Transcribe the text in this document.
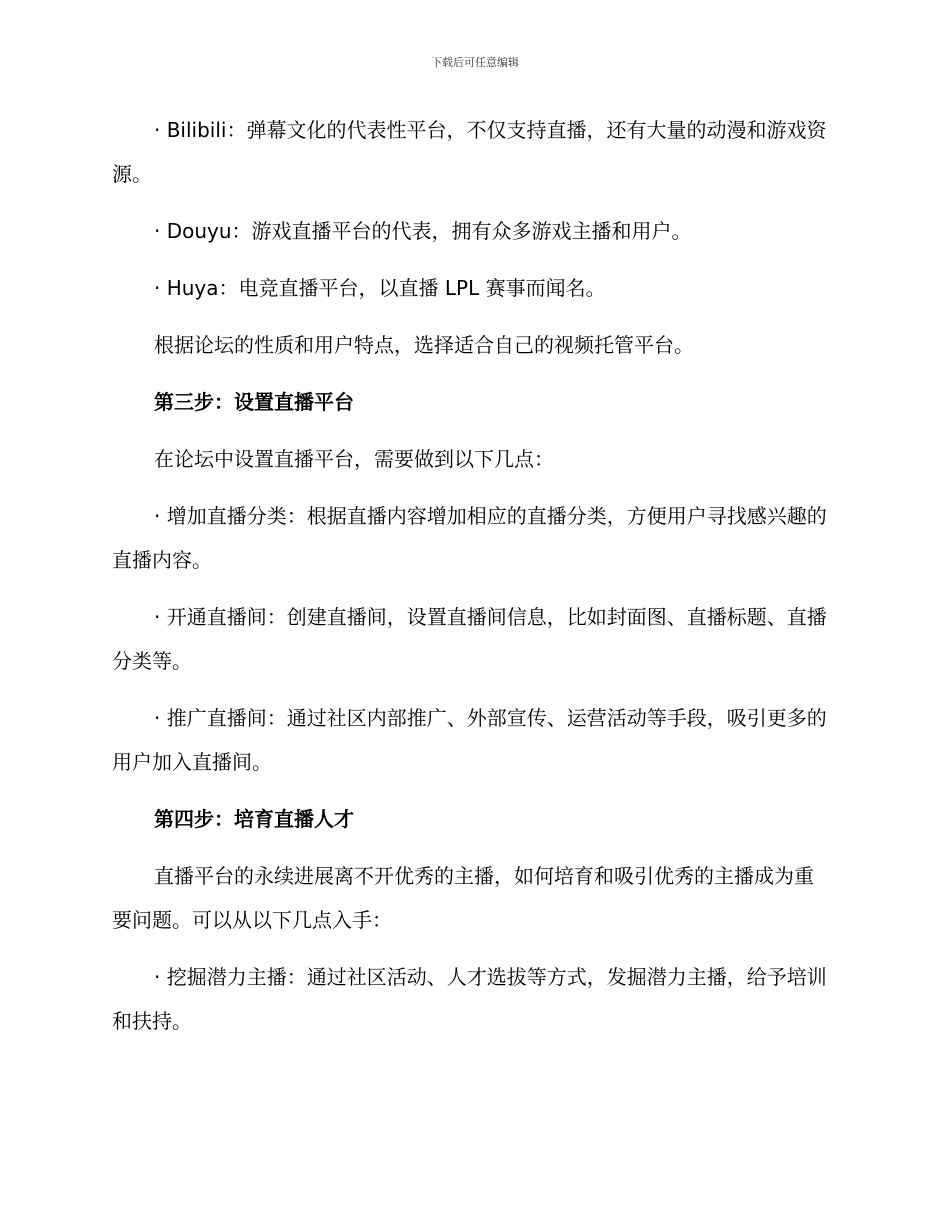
下载后可任意编辑

· Bilibili：弹幕文化的代表性平台，不仅支持直播，还有大量的动漫和游戏资源。

· Douyu：游戏直播平台的代表，拥有众多游戏主播和用户。

· Huya：电竞直播平台，以直播 LPL 赛事而闻名。

根据论坛的性质和用户特点，选择适合自己的视频托管平台。

第三步：设置直播平台

在论坛中设置直播平台，需要做到以下几点：

· 增加直播分类：根据直播内容增加相应的直播分类，方便用户寻找感兴趣的直播内容。

· 开通直播间：创建直播间，设置直播间信息，比如封面图、直播标题、直播分类等。

· 推广直播间：通过社区内部推广、外部宣传、运营活动等手段，吸引更多的用户加入直播间。

第四步：培育直播人才

直播平台的永续进展离不开优秀的主播，如何培育和吸引优秀的主播成为重要问题。可以从以下几点入手：

· 挖掘潜力主播：通过社区活动、人才选拔等方式，发掘潜力主播，给予培训和扶持。
